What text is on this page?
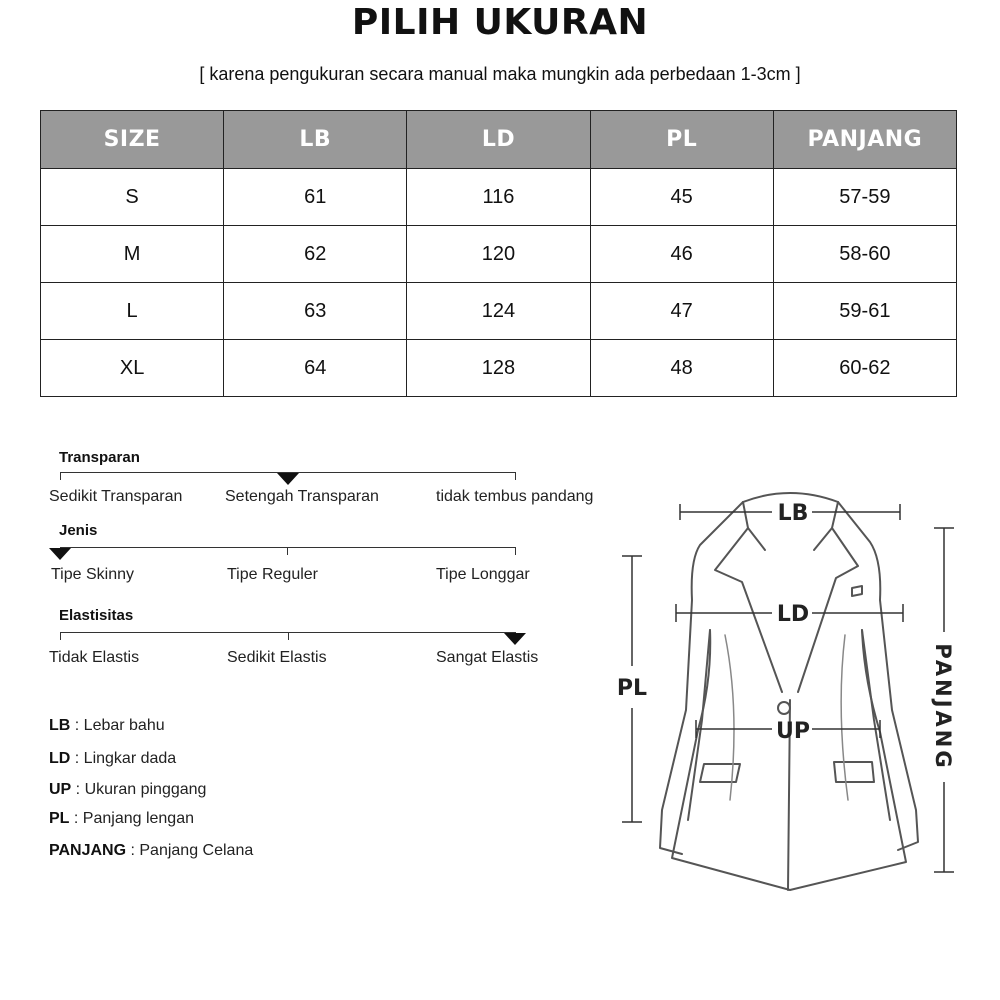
PILIH UKURAN
[ karena pengukuran secara manual maka mungkin ada perbedaan 1-3cm ]
SIZE	LB	LD	PL	PANJANG
S	61	116	45	57-59
M	62	120	46	58-60
L	63	124	47	59-61
XL	64	128	48	60-62
Transparan
Sedikit Transparan	Setengah Transparan	tidak tembus pandang
Jenis
Tipe Skinny	Tipe Reguler	Tipe Longgar
Elastisitas
Tidak Elastis	Sedikit Elastis	Sangat Elastis
LB : Lebar bahu
LD : Lingkar dada
UP : Ukuran pinggang
PL : Panjang lengan
PANJANG : Panjang Celana
LB
LD
UP
PL	PANJANG
